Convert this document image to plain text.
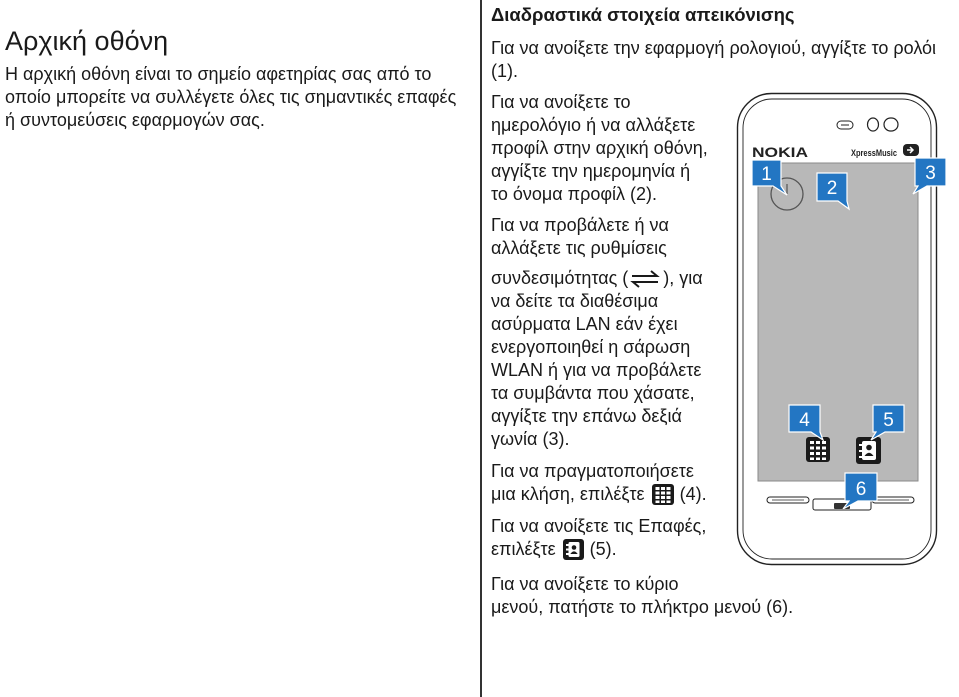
Αρχική οθόνη
Η αρχική οθόνη είναι το σημείο αφετηρίας σας από το
οποίο μπορείτε να συλλέγετε όλες τις σημαντικές επαφές
ή συντομεύσεις εφαρμογών σας.
Διαδραστικά στοιχεία απεικόνισης
Για να ανοίξετε την εφαρμογή ρολογιού, αγγίξτε το ρολόι
(1).
Για να ανοίξετε το
ημερολόγιο ή να αλλάξετε
προφίλ στην αρχική οθόνη,
αγγίξτε την ημερομηνία ή
το όνομα προφίλ (2).
Για να προβάλετε ή να
αλλάξετε τις ρυθμίσεις
συνδεσιμότητας ( ), για
να δείτε τα διαθέσιμα
ασύρματα LAN εάν έχει
ενεργοποιηθεί η σάρωση
WLAN ή για να προβάλετε
τα συμβάντα που χάσατε,
αγγίξτε την επάνω δεξιά
γωνία (3).
Για να πραγματοποιήσετε
μια κλήση, επιλέξτε (4).
Για να ανοίξετε τις Επαφές,
επιλέξτε (5).
Για να ανοίξετε το κύριο
μενού, πατήστε το πλήκτρο μενού (6).
NOKIA	XpressMusic
1
2
3
4	5
6
